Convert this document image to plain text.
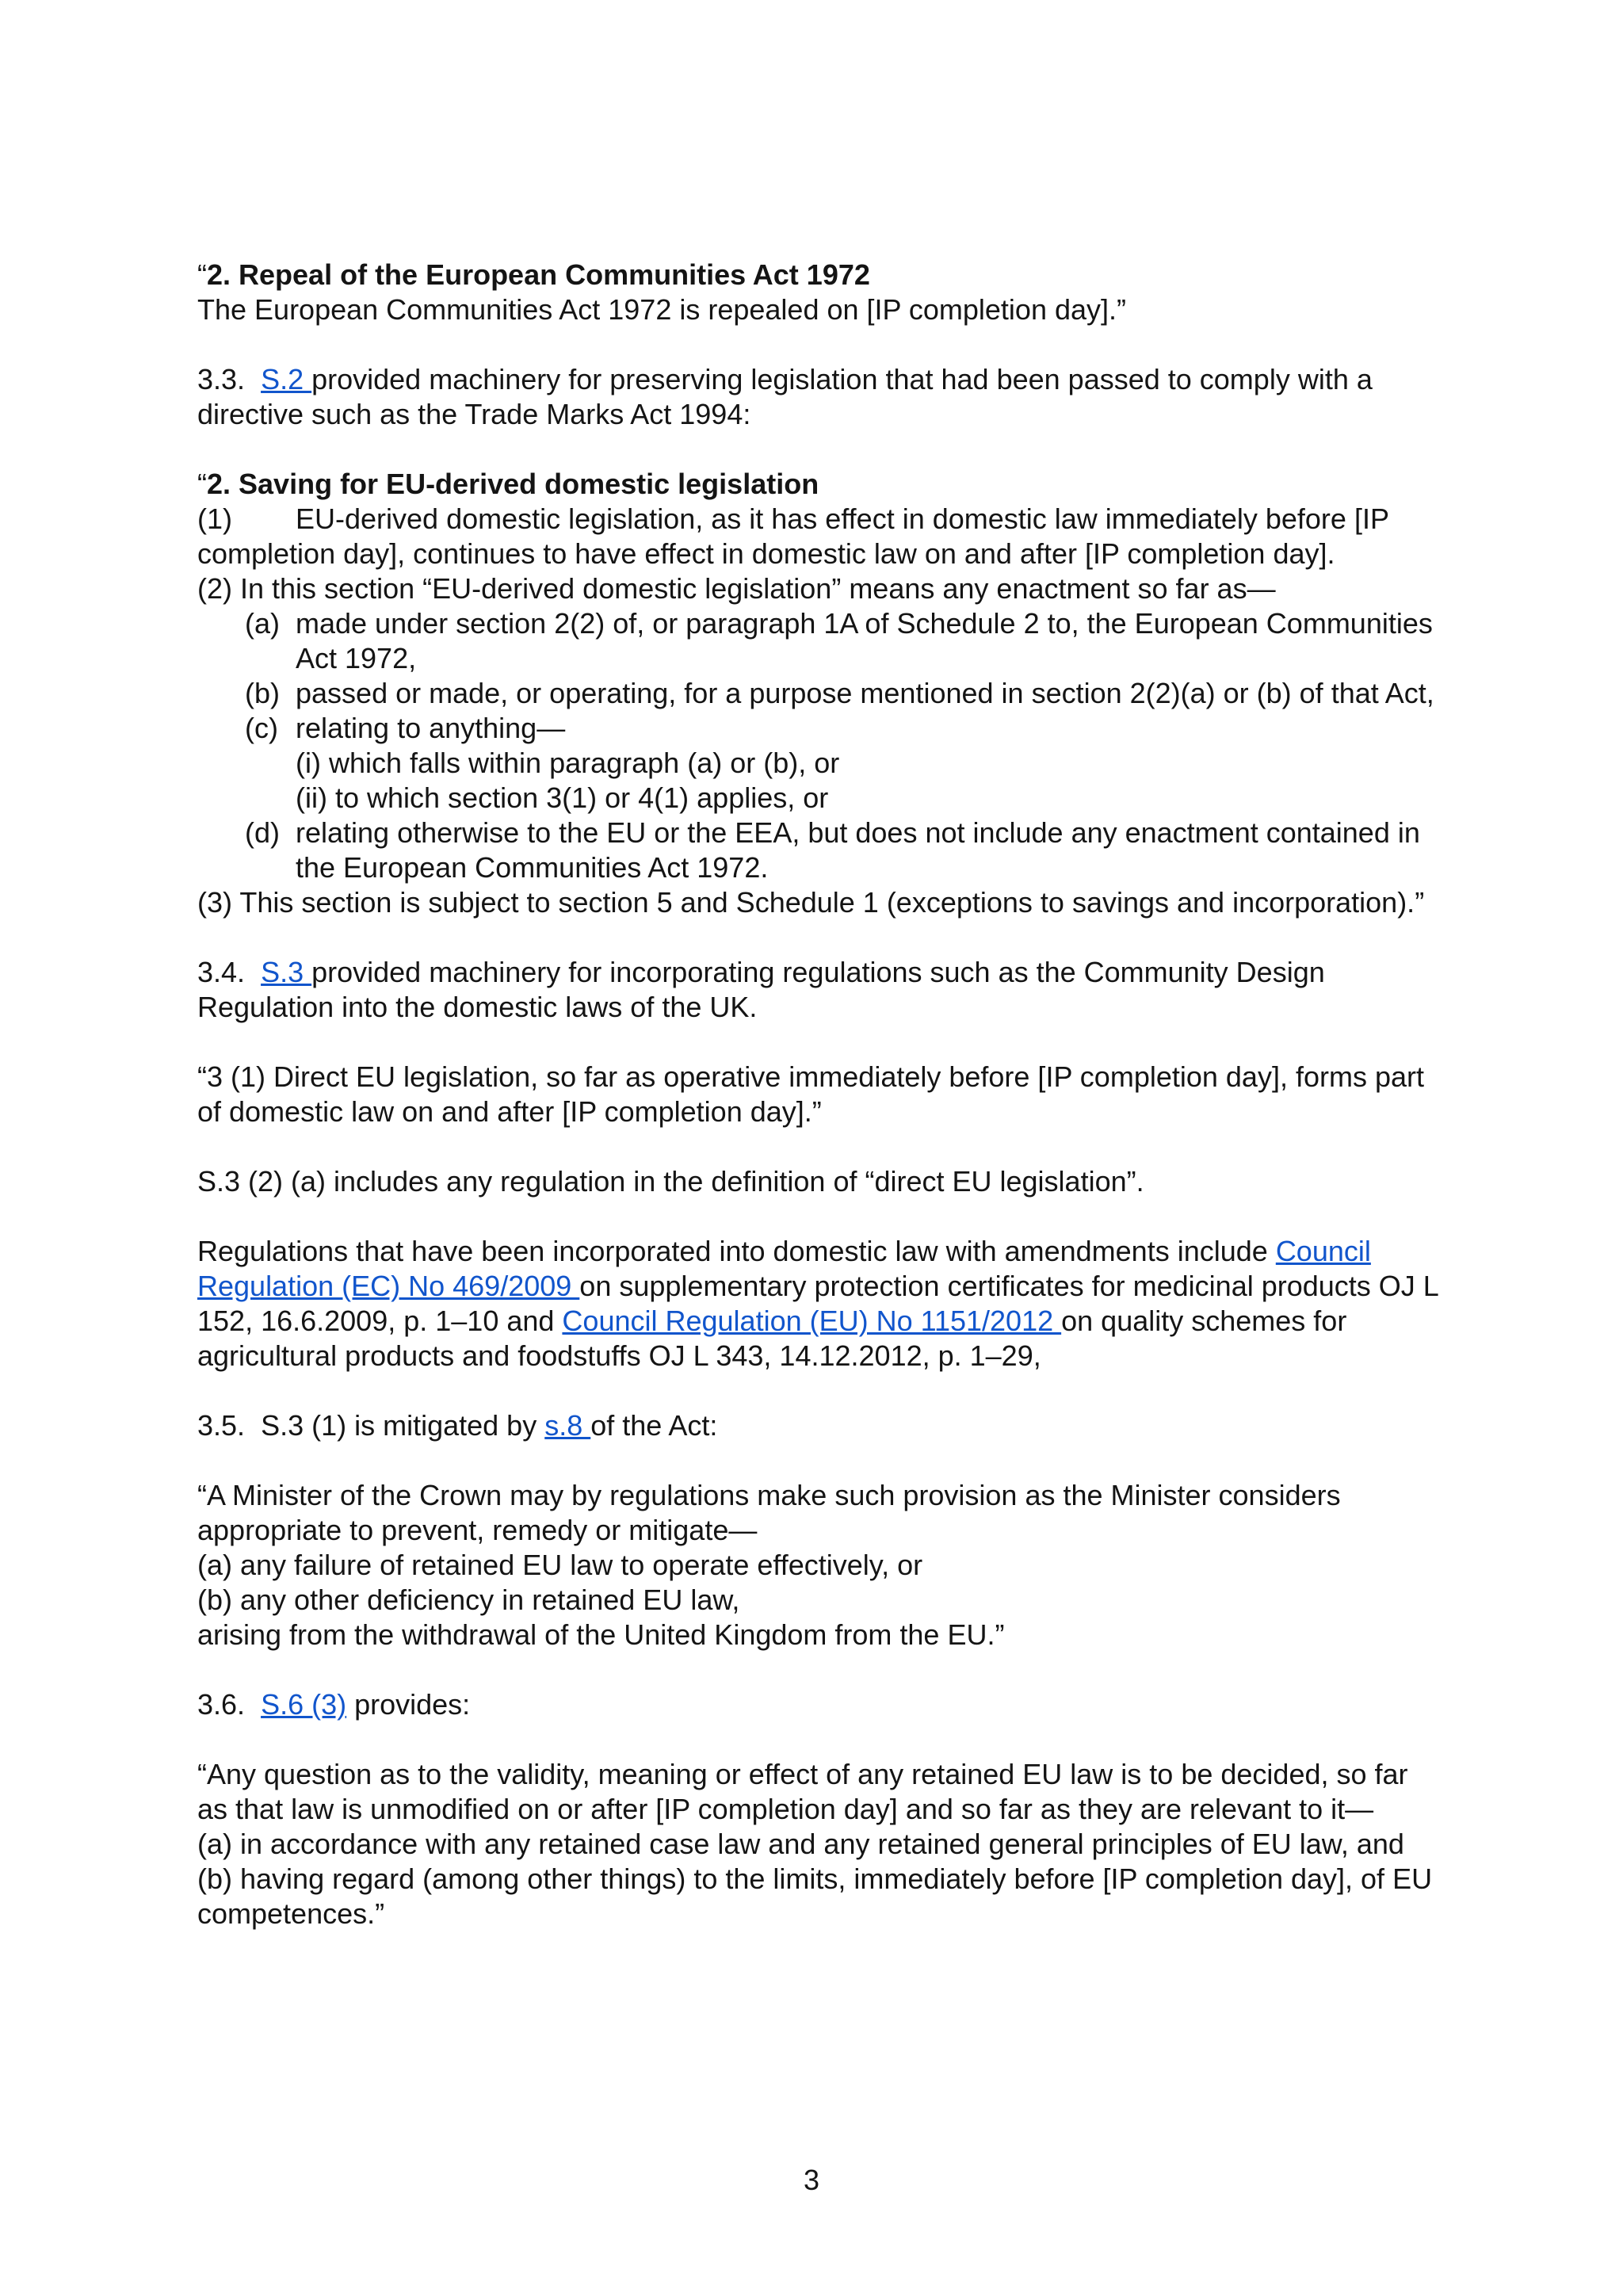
“2. Repeal of the European Communities Act 1972

The European Communities Act 1972 is repealed on [IP completion day].”

3.3. S.2 provided machinery for preserving legislation that had been passed to comply with a directive such as the Trade Marks Act 1994:

“2. Saving for EU-derived domestic legislation

(1) EU-derived domestic legislation, as it has effect in domestic law immediately before [IP completion day], continues to have effect in domestic law on and after [IP completion day].

(2) In this section “EU-derived domestic legislation” means any enactment so far as—

(a) made under section 2(2) of, or paragraph 1A of Schedule 2 to, the European Communities Act 1972,
(b) passed or made, or operating, for a purpose mentioned in section 2(2)(a) or (b) of that Act,
(c) relating to anything—
(i) which falls within paragraph (a) or (b), or
(ii) to which section 3(1) or 4(1) applies, or
(d) relating otherwise to the EU or the EEA, but does not include any enactment contained in the European Communities Act 1972.

(3) This section is subject to section 5 and Schedule 1 (exceptions to savings and incorporation).”

3.4. S.3 provided machinery for incorporating regulations such as the Community Design Regulation into the domestic laws of the UK.

“3 (1) Direct EU legislation, so far as operative immediately before [IP completion day], forms part of domestic law on and after [IP completion day].”

S.3 (2) (a) includes any regulation in the definition of “direct EU legislation”.

Regulations that have been incorporated into domestic law with amendments include Council Regulation (EC) No 469/2009 on supplementary protection certificates for medicinal products OJ L 152, 16.6.2009, p. 1–10 and Council Regulation (EU) No 1151/2012 on quality schemes for agricultural products and foodstuffs OJ L 343, 14.12.2012, p. 1–29,

3.5. S.3 (1) is mitigated by s.8 of the Act:

“A Minister of the Crown may by regulations make such provision as the Minister considers appropriate to prevent, remedy or mitigate—

(a) any failure of retained EU law to operate effectively, or

(b) any other deficiency in retained EU law,

arising from the withdrawal of the United Kingdom from the EU.”

3.6. S.6 (3) provides:

“Any question as to the validity, meaning or effect of any retained EU law is to be decided, so far as that law is unmodified on or after [IP completion day] and so far as they are relevant to it—

(a) in accordance with any retained case law and any retained general principles of EU law, and

(b) having regard (among other things) to the limits, immediately before [IP completion day], of EU competences.”

3
